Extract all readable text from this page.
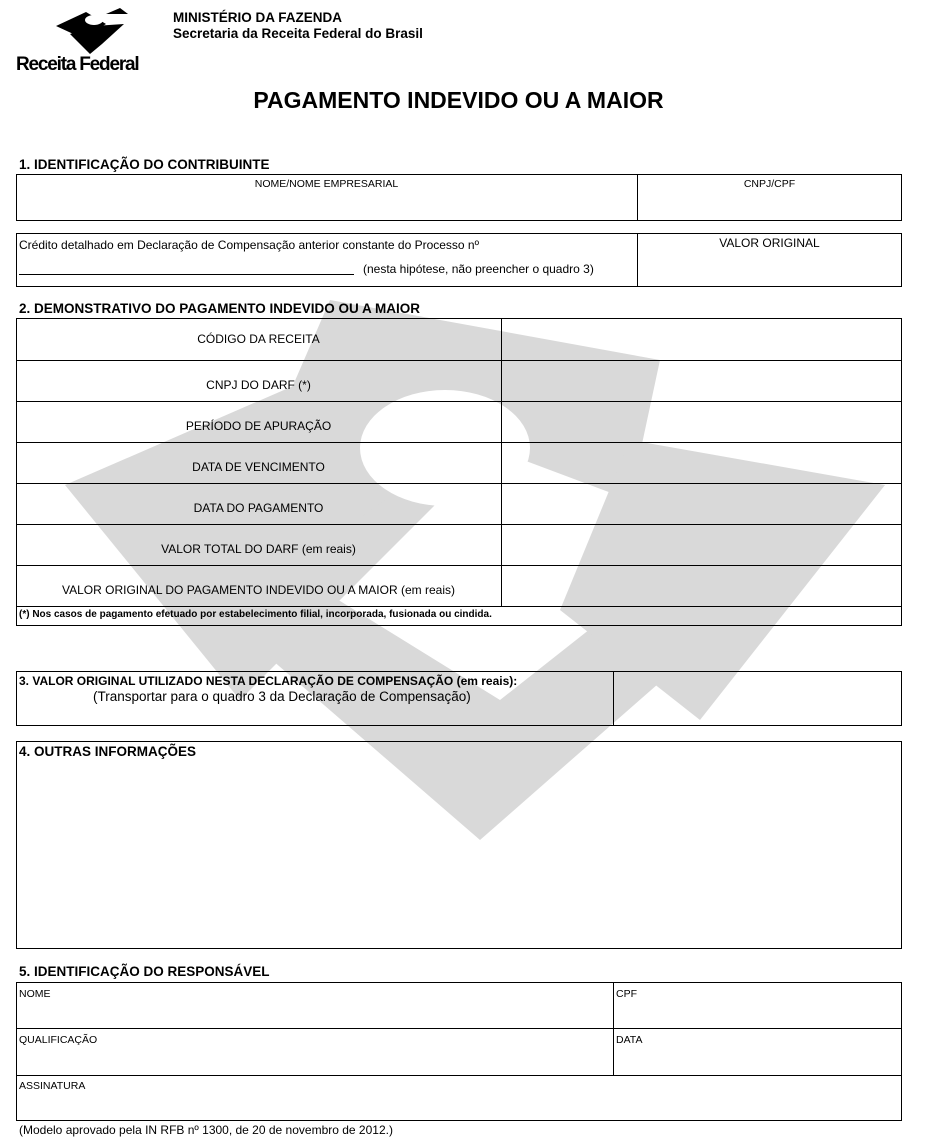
Receita Federal
MINISTÉRIO DA FAZENDA
Secretaria da Receita Federal do Brasil
PAGAMENTO INDEVIDO OU A MAIOR
1. IDENTIFICAÇÃO DO CONTRIBUINTE
NOME/NOME EMPRESARIAL	CNPJ/CPF
Crédito detalhado em Declaração de Compensação anterior constante do Processo nº
(nesta hipótese, não preencher o quadro 3)
VALOR ORIGINAL
2. DEMONSTRATIVO DO PAGAMENTO INDEVIDO OU A MAIOR
CÓDIGO DA RECEITA
CNPJ DO DARF (*)
PERÍODO DE APURAÇÃO
DATA DE VENCIMENTO
DATA DO PAGAMENTO
VALOR TOTAL DO DARF (em reais)
VALOR ORIGINAL DO PAGAMENTO INDEVIDO OU A MAIOR (em reais)
(*) Nos casos de pagamento efetuado por estabelecimento filial, incorporada, fusionada ou cindida.
3. VALOR ORIGINAL UTILIZADO NESTA DECLARAÇÃO DE COMPENSAÇÃO (em reais):
(Transportar para o quadro 3 da Declaração de Compensação)
4. OUTRAS INFORMAÇÕES
5. IDENTIFICAÇÃO DO RESPONSÁVEL
NOME	CPF
QUALIFICAÇÃO	DATA
ASSINATURA
(Modelo aprovado pela IN RFB nº 1300, de 20 de novembro de 2012.)
